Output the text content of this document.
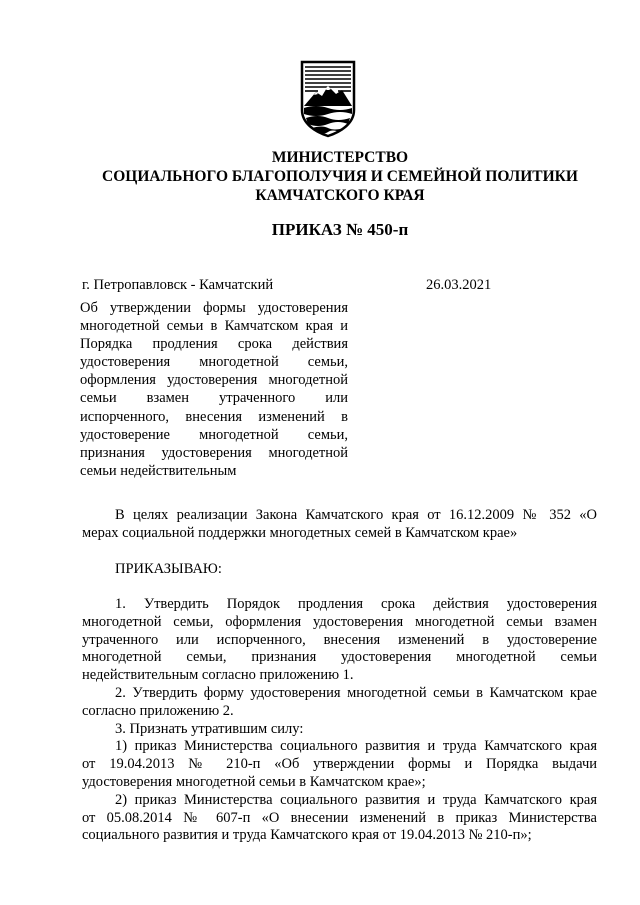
МИНИСТЕРСТВО
СОЦИАЛЬНОГО БЛАГОПОЛУЧИЯ И СЕМЕЙНОЙ ПОЛИТИКИ
КАМЧАТСКОГО КРАЯ
ПРИКАЗ № 450-п
г. Петропавловск - Камчатский	26.03.2021
Об утверждении формы удостоверения
многодетной семьи в Камчатском края и
Порядка продления срока действия
удостоверения многодетной семьи,
оформления удостоверения многодетной
семьи взамен утраченного или
испорченного, внесения изменений в
удостоверение многодетной семьи,
признания удостоверения многодетной
семьи недействительным
В целях реализации Закона Камчатского края от 16.12.2009 № 352 «О
мерах социальной поддержки многодетных семей в Камчатском крае»
ПРИКАЗЫВАЮ:
1. Утвердить Порядок продления срока действия удостоверения
многодетной семьи, оформления удостоверения многодетной семьи взамен
утраченного или испорченного, внесения изменений в удостоверение
многодетной семьи, признания удостоверения многодетной семьи
недействительным согласно приложению 1.
2. Утвердить форму удостоверения многодетной семьи в Камчатском крае
согласно приложению 2.
3. Признать утратившим силу:
1) приказ Министерства социального развития и труда Камчатского края
от 19.04.2013 № 210-п «Об утверждении формы и Порядка выдачи
удостоверения многодетной семьи в Камчатском крае»;
2) приказ Министерства социального развития и труда Камчатского края
от 05.08.2014 № 607-п «О внесении изменений в приказ Министерства
социального развития и труда Камчатского края от 19.04.2013 № 210-п»;
